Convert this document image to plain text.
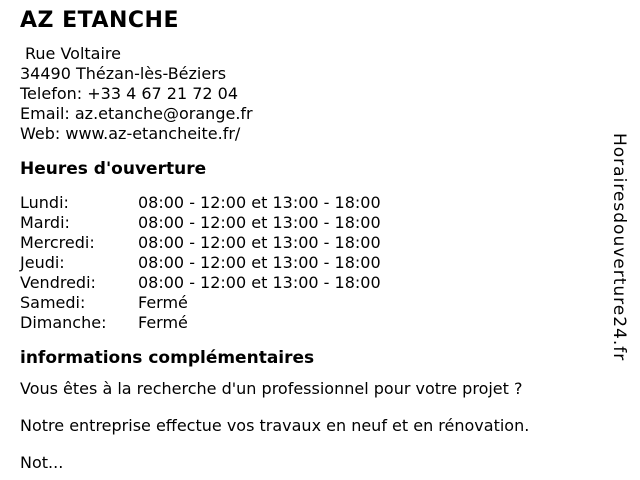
AZ ETANCHE
Rue Voltaire
34490 Thézan-lès-Béziers
Telefon: +33 4 67 21 72 04
Email: az.etanche@orange.fr
Web: www.az-etancheite.fr/
Heures d'ouverture
Lundi:	08:00 - 12:00 et 13:00 - 18:00
Mardi:	08:00 - 12:00 et 13:00 - 18:00
Mercredi:	08:00 - 12:00 et 13:00 - 18:00
Jeudi:	08:00 - 12:00 et 13:00 - 18:00
Vendredi:	08:00 - 12:00 et 13:00 - 18:00
Samedi:	Fermé
Dimanche:	Fermé
informations complémentaires

Vous êtes à la recherche d'un professionnel pour votre projet ?

Notre entreprise effectue vos travaux en neuf et en rénovation.

Not...

Horairesdouverture24.fr
